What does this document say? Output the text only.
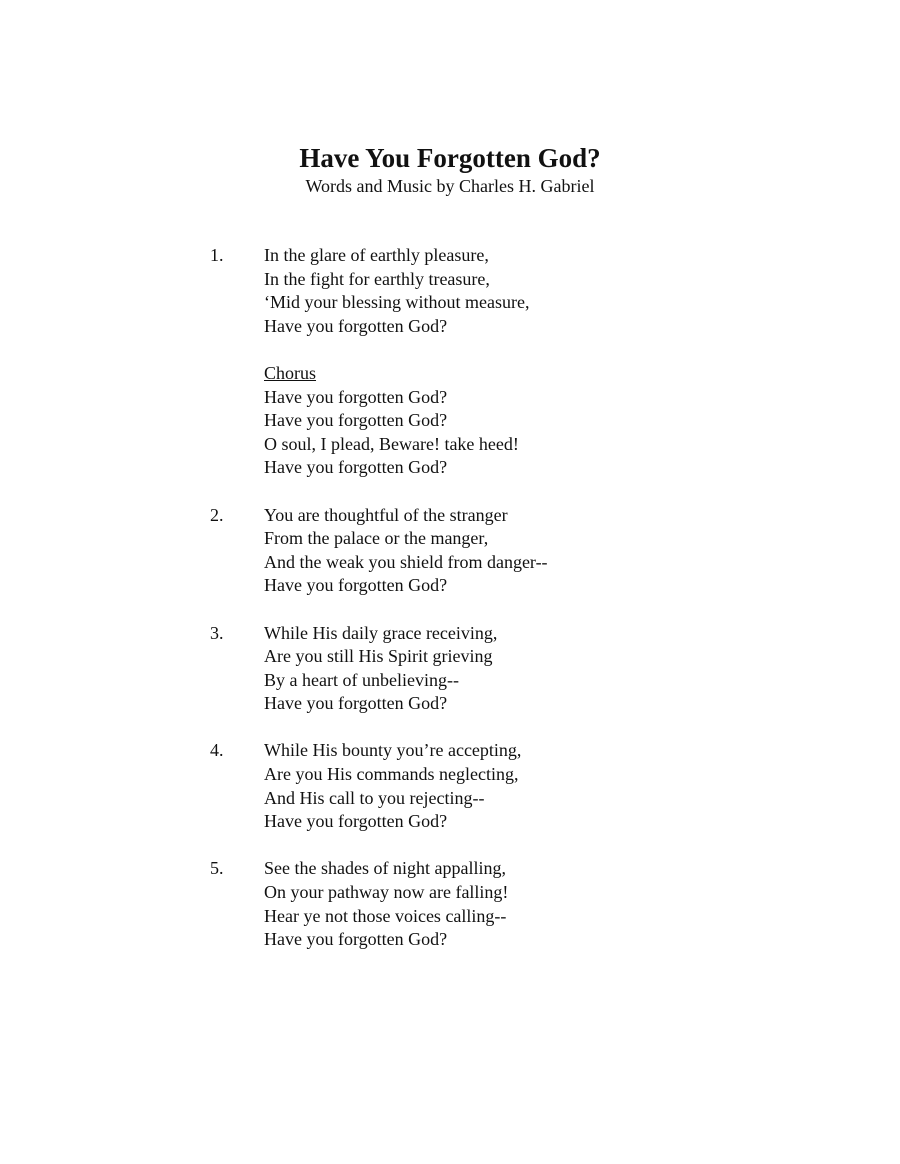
Have You Forgotten God?
Words and Music by Charles H. Gabriel
1. In the glare of earthly pleasure,
In the fight for earthly treasure,
‘Mid your blessing without measure,
Have you forgotten God?
Chorus
Have you forgotten God?
Have you forgotten God?
O soul, I plead, Beware! take heed!
Have you forgotten God?
2. You are thoughtful of the stranger
From the palace or the manger,
And the weak you shield from danger--
Have you forgotten God?
3. While His daily grace receiving,
Are you still His Spirit grieving
By a heart of unbelieving--
Have you forgotten God?
4. While His bounty you’re accepting,
Are you His commands neglecting,
And His call to you rejecting--
Have you forgotten God?
5. See the shades of night appalling,
On your pathway now are falling!
Hear ye not those voices calling--
Have you forgotten God?
